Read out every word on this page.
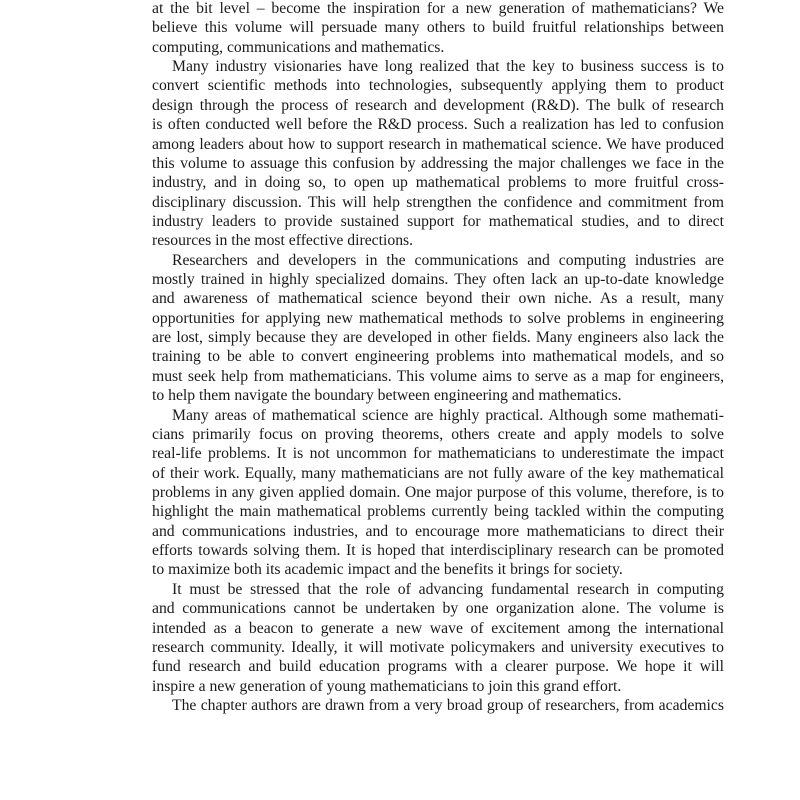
at the bit level – become the inspiration for a new generation of mathematicians? We
believe this volume will persuade many others to build fruitful relationships between
computing, communications and mathematics.
Many industry visionaries have long realized that the key to business success is to
convert scientific methods into technologies, subsequently applying them to product
design through the process of research and development (R&D). The bulk of research
is often conducted well before the R&D process. Such a realization has led to confusion
among leaders about how to support research in mathematical science. We have produced
this volume to assuage this confusion by addressing the major challenges we face in the
industry, and in doing so, to open up mathematical problems to more fruitful cross-
disciplinary discussion. This will help strengthen the confidence and commitment from
industry leaders to provide sustained support for mathematical studies, and to direct
resources in the most effective directions.
Researchers and developers in the communications and computing industries are
mostly trained in highly specialized domains. They often lack an up-to-date knowledge
and awareness of mathematical science beyond their own niche. As a result, many
opportunities for applying new mathematical methods to solve problems in engineering
are lost, simply because they are developed in other fields. Many engineers also lack the
training to be able to convert engineering problems into mathematical models, and so
must seek help from mathematicians. This volume aims to serve as a map for engineers,
to help them navigate the boundary between engineering and mathematics.
Many areas of mathematical science are highly practical. Although some mathemati-
cians primarily focus on proving theorems, others create and apply models to solve
real-life problems. It is not uncommon for mathematicians to underestimate the impact
of their work. Equally, many mathematicians are not fully aware of the key mathematical
problems in any given applied domain. One major purpose of this volume, therefore, is to
highlight the main mathematical problems currently being tackled within the computing
and communications industries, and to encourage more mathematicians to direct their
efforts towards solving them. It is hoped that interdisciplinary research can be promoted
to maximize both its academic impact and the benefits it brings for society.
It must be stressed that the role of advancing fundamental research in computing
and communications cannot be undertaken by one organization alone. The volume is
intended as a beacon to generate a new wave of excitement among the international
research community. Ideally, it will motivate policymakers and university executives to
fund research and build education programs with a clearer purpose. We hope it will
inspire a new generation of young mathematicians to join this grand effort.
The chapter authors are drawn from a very broad group of researchers, from academics
